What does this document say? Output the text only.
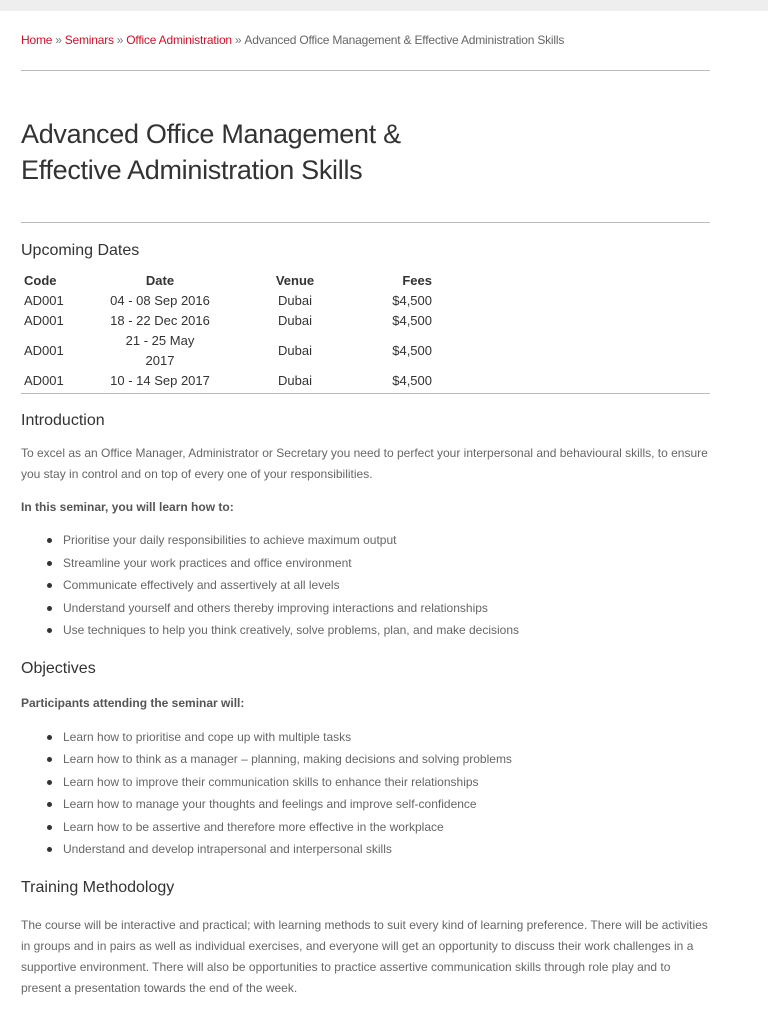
Home » Seminars » Office Administration » Advanced Office Management & Effective Administration Skills
Advanced Office Management & Effective Administration Skills
Upcoming Dates
Code	Date	Venue	Fees
AD001	04 - 08 Sep 2016	Dubai	$4,500
AD001	18 - 22 Dec 2016	Dubai	$4,500
AD001	21 - 25 May 2017	Dubai	$4,500
AD001	10 - 14 Sep 2017	Dubai	$4,500
Introduction

To excel as an Office Manager, Administrator or Secretary you need to perfect your interpersonal and behavioural skills, to ensure you stay in control and on top of every one of your responsibilities.

In this seminar, you will learn how to:

Prioritise your daily responsibilities to achieve maximum output
Streamline your work practices and office environment
Communicate effectively and assertively at all levels
Understand yourself and others thereby improving interactions and relationships
Use techniques to help you think creatively, solve problems, plan, and make decisions
Objectives

Participants attending the seminar will:

Learn how to prioritise and cope up with multiple tasks
Learn how to think as a manager – planning, making decisions and solving problems
Learn how to improve their communication skills to enhance their relationships
Learn how to manage your thoughts and feelings and improve self-confidence
Learn how to be assertive and therefore more effective in the workplace
Understand and develop intrapersonal and interpersonal skills
Training Methodology

The course will be interactive and practical; with learning methods to suit every kind of learning preference. There will be activities in groups and in pairs as well as individual exercises, and everyone will get an opportunity to discuss their work challenges in a supportive environment. There will also be opportunities to practice assertive communication skills through role play and to present a presentation towards the end of the week.
